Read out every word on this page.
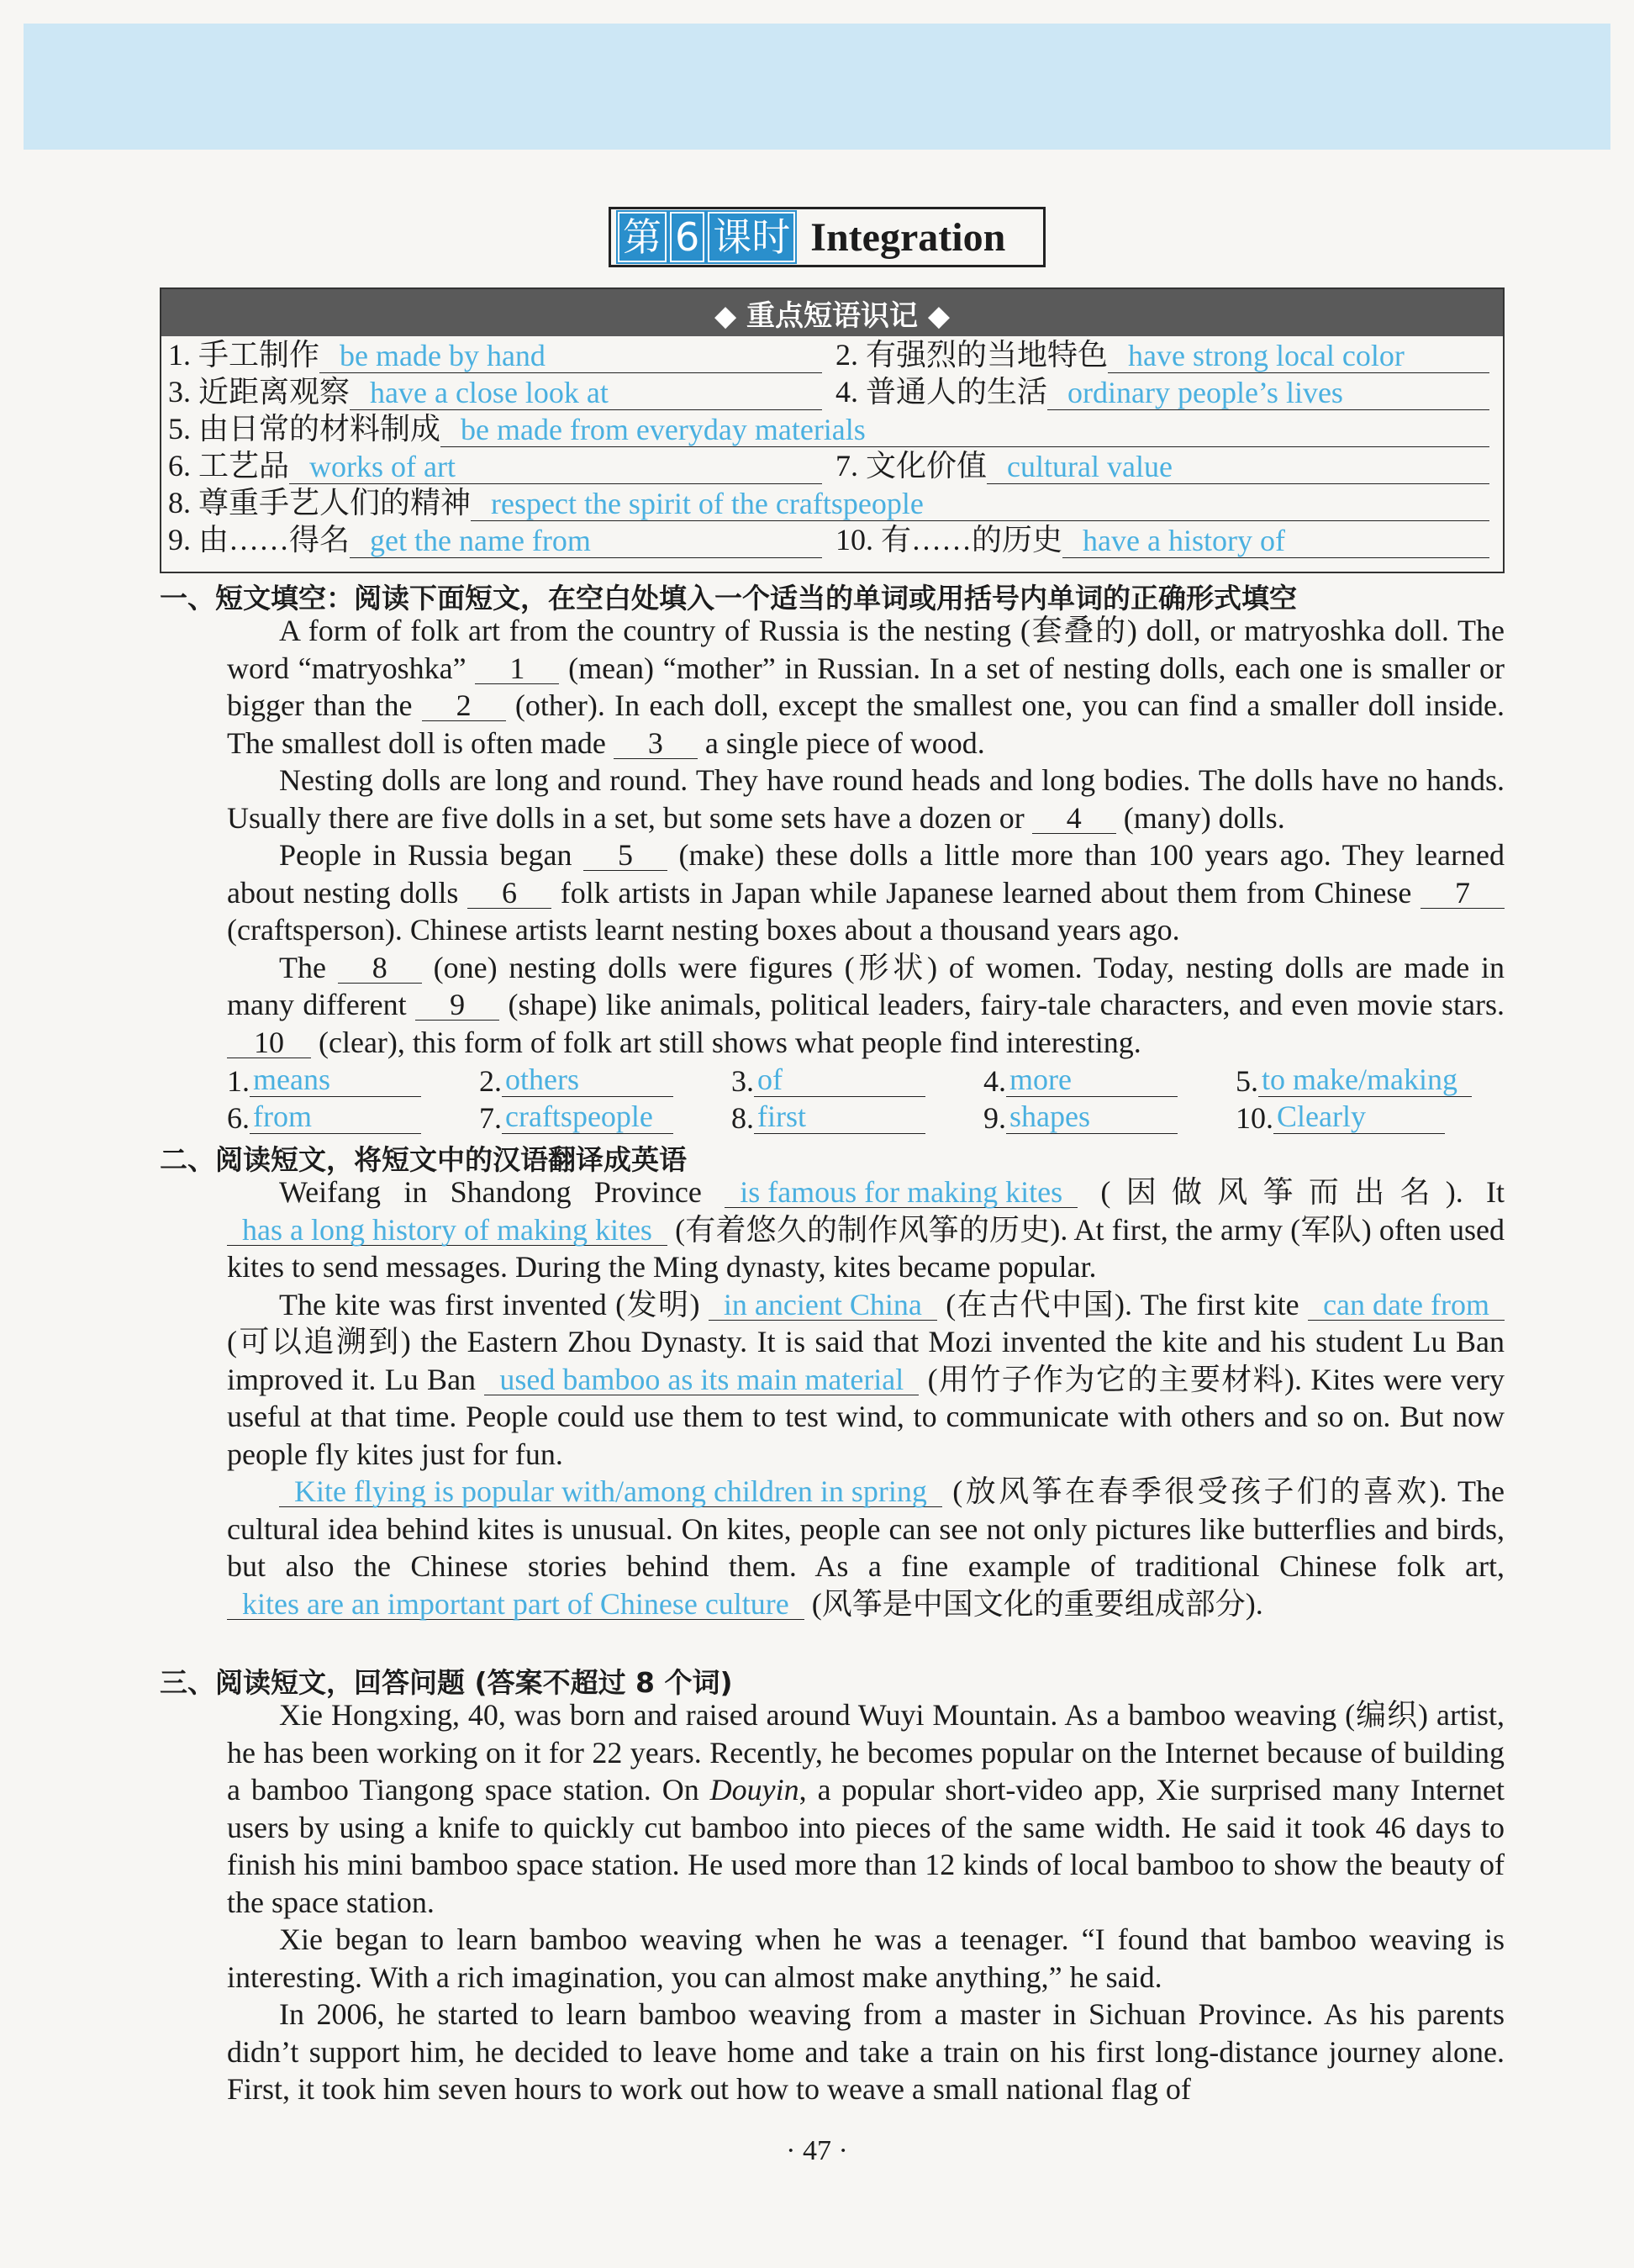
第 6 课时 Integration
◆ 重点短语识记 ◆
1. 手工制作 be made by hand	2. 有强烈的当地特色 have strong local color
3. 近距离观察 have a close look at	4. 普通人的生活 ordinary people’s lives
5. 由日常的材料制成 be made from everyday materials
6. 工艺品 works of art	7. 文化价值 cultural value
8. 尊重手艺人们的精神 respect the spirit of the craftspeople
9. 由……得名 get the name from	10. 有……的历史 have a history of
一、短文填空：阅读下面短文，在空白处填入一个适当的单词或用括号内单词的正确形式填空

A form of folk art from the country of Russia is the nesting (套叠的) doll, or matryoshka doll. The word “matryoshka” 1 (mean) “mother” in Russian. In a set of nesting dolls, each one is smaller or bigger than the 2 (other). In each doll, except the smallest one, you can find a smaller doll inside. The smallest doll is often made 3 a single piece of wood.

Nesting dolls are long and round. They have round heads and long bodies. The dolls have no hands. Usually there are five dolls in a set, but some sets have a dozen or 4 (many) dolls.

People in Russia began 5 (make) these dolls a little more than 100 years ago. They learned about nesting dolls 6 folk artists in Japan while Japanese learned about them from Chinese 7 (craftsperson). Chinese artists learnt nesting boxes about a thousand years ago.

The 8 (one) nesting dolls were figures (形状) of women. Today, nesting dolls are made in many different 9 (shape) like animals, political leaders, fairy-tale characters, and even movie stars. 10 (clear), this form of folk art still shows what people find interesting.

1. means	2. others	3. of	4. more	5. to make/making
6. from	7. craftspeople	8. first	9. shapes	10. Clearly
二、阅读短文，将短文中的汉语翻译成英语

Weifang in Shandong Province is famous for making kites (因做风筝而出名). It has a long history of making kites (有着悠久的制作风筝的历史). At first, the army (军队) often used kites to send messages. During the Ming dynasty, kites became popular.

The kite was first invented (发明) in ancient China (在古代中国). The first kite can date from (可以追溯到) the Eastern Zhou Dynasty. It is said that Mozi invented the kite and his student Lu Ban improved it. Lu Ban used bamboo as its main material (用竹子作为它的主要材料). Kites were very useful at that time. People could use them to test wind, to communicate with others and so on. But now people fly kites just for fun.

Kite flying is popular with/among children in spring (放风筝在春季很受孩子们的喜欢). The cultural idea behind kites is unusual. On kites, people can see not only pictures like butterflies and birds, but also the Chinese stories behind them. As a fine example of traditional Chinese folk art, kites are an important part of Chinese culture (风筝是中国文化的重要组成部分).

三、阅读短文，回答问题 (答案不超过 8 个词)

Xie Hongxing, 40, was born and raised around Wuyi Mountain. As a bamboo weaving (编织) artist, he has been working on it for 22 years. Recently, he becomes popular on the Internet because of building a bamboo Tiangong space station. On Douyin, a popular short-video app, Xie surprised many Internet users by using a knife to quickly cut bamboo into pieces of the same width. He said it took 46 days to finish his mini bamboo space station. He used more than 12 kinds of local bamboo to show the beauty of the space station.

Xie began to learn bamboo weaving when he was a teenager. “I found that bamboo weaving is interesting. With a rich imagination, you can almost make anything,” he said.

In 2006, he started to learn bamboo weaving from a master in Sichuan Province. As his parents didn’t support him, he decided to leave home and take a train on his first long-distance journey alone. First, it took him seven hours to work out how to weave a small national flag of

· 47 ·
